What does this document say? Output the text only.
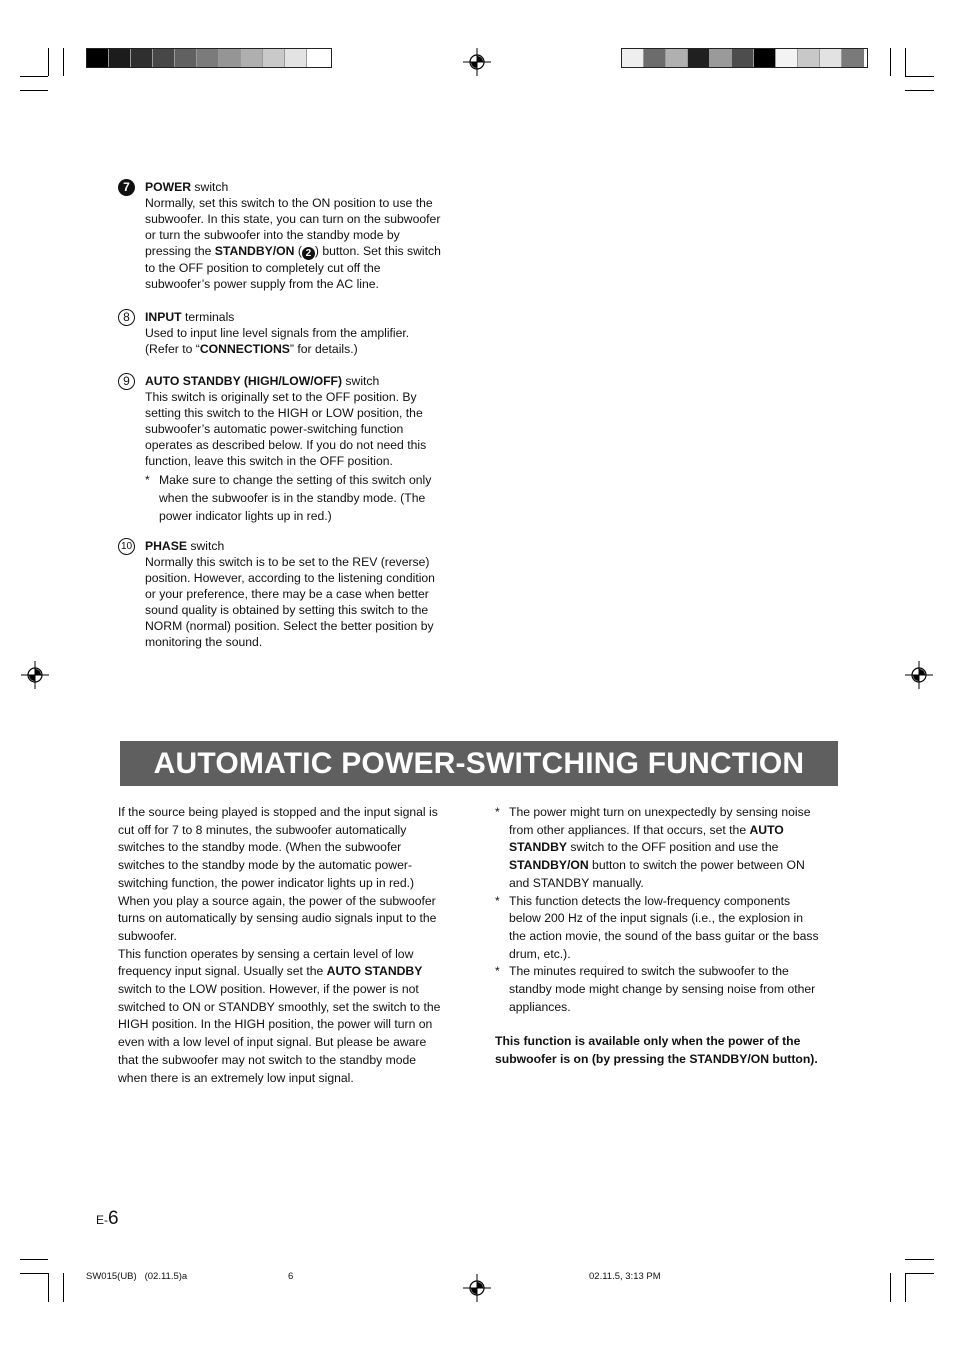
7	POWER switch
Normally, set this switch to the ON position to use the
subwoofer. In this state, you can turn on the subwoofer
or turn the subwoofer into the standby mode by
pressing the STANDBY/ON ( 2 ) button. Set this switch
to the OFF position to completely cut off the
subwoofer’s power supply from the AC line.
8	INPUT terminals
Used to input line level signals from the amplifier.
(Refer to “CONNECTIONS” for details.)
9	AUTO STANDBY (HIGH/LOW/OFF) switch
This switch is originally set to the OFF position. By
setting this switch to the HIGH or LOW position, the
subwoofer’s automatic power-switching function
operates as described below. If you do not need this
function, leave this switch in the OFF position.
* Make sure to change the setting of this switch only
when the subwoofer is in the standby mode. (The
power indicator lights up in red.)
10 PHASE switch
Normally this switch is to be set to the REV (reverse)
position. However, according to the listening condition
or your preference, there may be a case when better
sound quality is obtained by setting this switch to the
NORM (normal) position. Select the better position by
monitoring the sound.
AUTOMATIC POWER-SWITCHING FUNCTION
If the source being played is stopped and the input signal is
cut off for 7 to 8 minutes, the subwoofer automatically
switches to the standby mode. (When the subwoofer
switches to the standby mode by the automatic power-
switching function, the power indicator lights up in red.)
When you play a source again, the power of the subwoofer
turns on automatically by sensing audio signals input to the
subwoofer.
This function operates by sensing a certain level of low
frequency input signal. Usually set the AUTO STANDBY
switch to the LOW position. However, if the power is not
switched to ON or STANDBY smoothly, set the switch to the
HIGH position. In the HIGH position, the power will turn on
even with a low level of input signal. But please be aware
that the subwoofer may not switch to the standby mode
when there is an extremely low input signal.
* The power might turn on unexpectedly by sensing noise
from other appliances. If that occurs, set the AUTO
STANDBY switch to the OFF position and use the
STANDBY/ON button to switch the power between ON
and STANDBY manually.
* This function detects the low-frequency components
below 200 Hz of the input signals (i.e., the explosion in
the action movie, the sound of the bass guitar or the bass
drum, etc.).
* The minutes required to switch the subwoofer to the
standby mode might change by sensing noise from other
appliances.
This function is available only when the power of the
subwoofer is on (by pressing the STANDBY/ON button).
E-6
SW015(UB)   (02.11.5)a	6	02.11.5, 3:13 PM
